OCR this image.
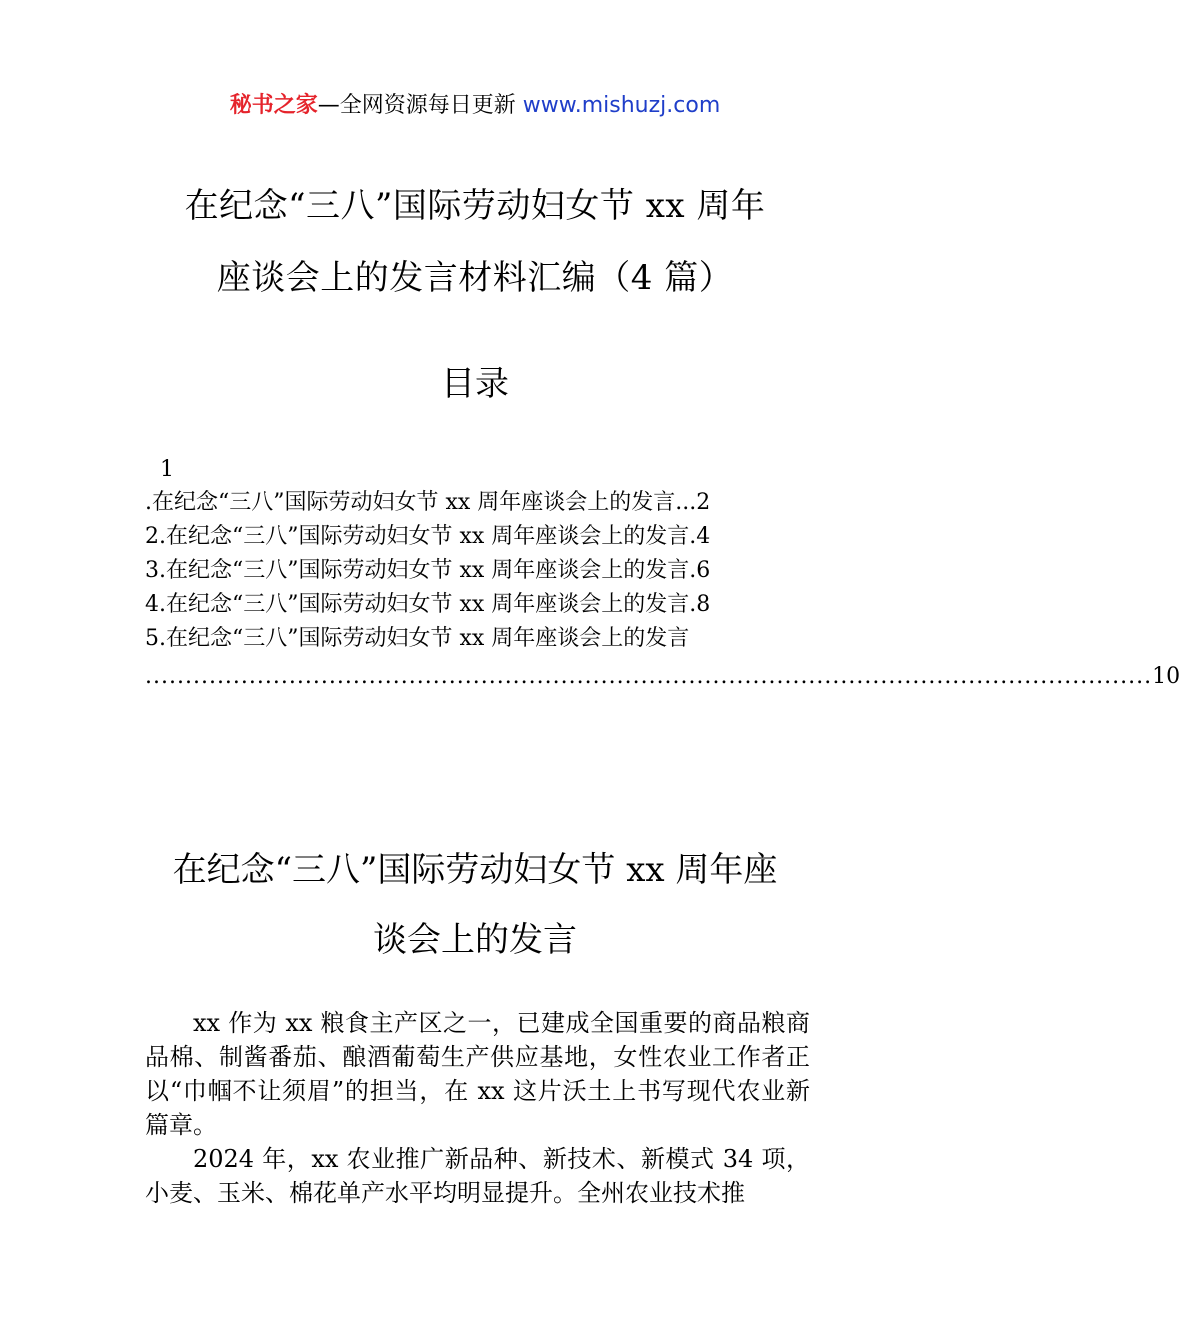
秘书之家—全网资源每日更新 www.mishuzj.com
在纪念“三八”国际劳动妇女节 xx 周年
座谈会上的发言材料汇编（4 篇）
目录
1
.在纪念“三八”国际劳动妇女节 xx 周年座谈会上的发言 ... 2
2.在纪念“三八”国际劳动妇女节 xx 周年座谈会上的发言 . 4
3.在纪念“三八”国际劳动妇女节 xx 周年座谈会上的发言 . 6
4.在纪念“三八”国际劳动妇女节 xx 周年座谈会上的发言 . 8
5.在纪念“三八”国际劳动妇女节 xx 周年座谈会上的发言
.............................................................................................................................. 10
在纪念“三八”国际劳动妇女节 xx 周年座
谈会上的发言

xx 作为 xx 粮食主产区之一，已建成全国重要的商品粮商品棉、制酱番茄、酿酒葡萄生产供应基地，女性农业工作者正以“巾帼不让须眉”的担当，在 xx 这片沃土上书写现代农业新篇章。

2024 年，xx 农业推广新品种、新技术、新模式 34 项，小麦、玉米、棉花单产水平均明显提升。全州农业技术推
